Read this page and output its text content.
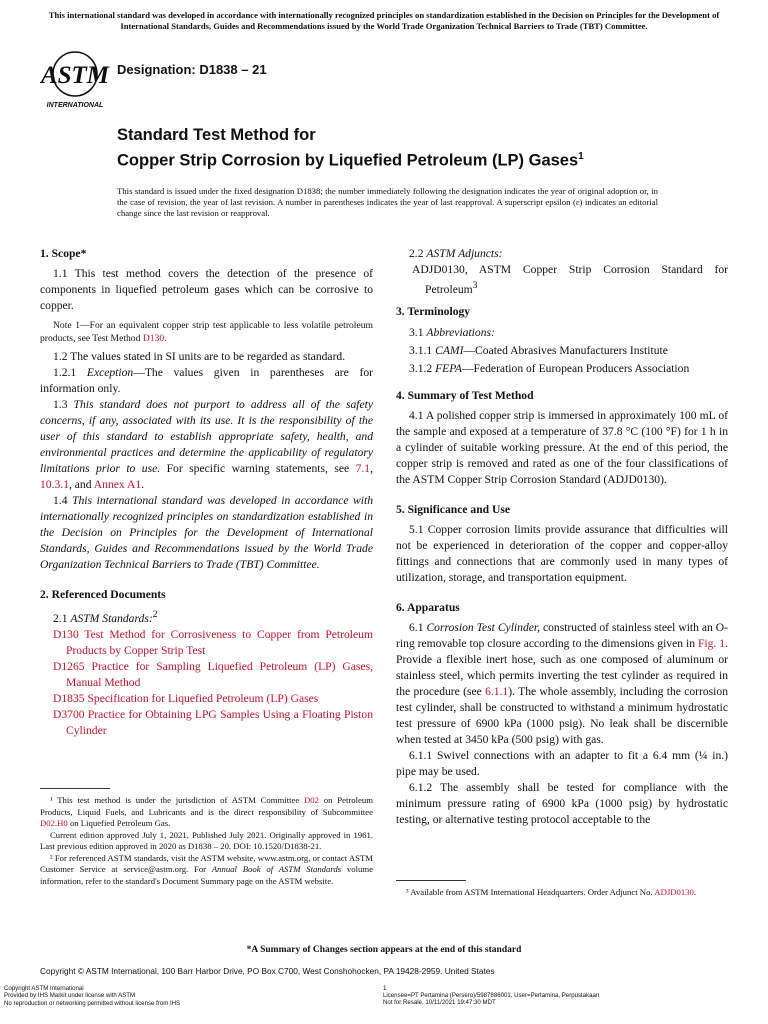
This international standard was developed in accordance with internationally recognized principles on standardization established in the Decision on Principles for the Development of International Standards, Guides and Recommendations issued by the World Trade Organization Technical Barriers to Trade (TBT) Committee.
ASTM
INTERNATIONAL
Designation: D1838 – 21
Standard Test Method for
Copper Strip Corrosion by Liquefied Petroleum (LP) Gases$^1$
This standard is issued under the fixed designation D1838; the number immediately following the designation indicates the year of original adoption or, in the case of revision, the year of last revision. A number in parentheses indicates the year of last reapproval. A superscript epsilon (ε) indicates an editorial change since the last revision or reapproval.

1. Scope*

1.1 This test method covers the detection of the presence of components in liquefied petroleum gases which can be corrosive to copper.

Note 1—For an equivalent copper strip test applicable to less volatile petroleum products, see Test Method D130.

1.2 The values stated in SI units are to be regarded as standard.

1.2.1 Exception—The values given in parentheses are for information only.

1.3 This standard does not purport to address all of the safety concerns, if any, associated with its use. It is the responsibility of the user of this standard to establish appropriate safety, health, and environmental practices and determine the applicability of regulatory limitations prior to use. For specific warning statements, see 7.1, 10.3.1, and Annex A1.

1.4 This international standard was developed in accordance with internationally recognized principles on standardization established in the Decision on Principles for the Development of International Standards, Guides and Recommendations issued by the World Trade Organization Technical Barriers to Trade (TBT) Committee.

2. Referenced Documents

2.1 ASTM Standards:$^2$

D130 Test Method for Corrosiveness to Copper from Petroleum Products by Copper Strip Test

D1265 Practice for Sampling Liquefied Petroleum (LP) Gases, Manual Method

D1835 Specification for Liquefied Petroleum (LP) Gases

D3700 Practice for Obtaining LPG Samples Using a Floating Piston Cylinder

¹ This test method is under the jurisdiction of ASTM Committee D02 on Petroleum Products, Liquid Fuels, and Lubricants and is the direct responsibility of Subcommittee D02.H0 on Liquefied Petroleum Gas.

Current edition approved July 1, 2021. Published July 2021. Originally approved in 1961. Last previous edition approved in 2020 as D1838 – 20. DOI: 10.1520/D1838-21.

² For referenced ASTM standards, visit the ASTM website, www.astm.org, or contact ASTM Customer Service at service@astm.org. For Annual Book of ASTM Standards volume information, refer to the standard's Document Summary page on the ASTM website.

2.2 ASTM Adjuncts:

ADJD0130, ASTM Copper Strip Corrosion Standard for Petroleum$^3$

3. Terminology

3.1 Abbreviations:

3.1.1 CAMI—Coated Abrasives Manufacturers Institute

3.1.2 FEPA—Federation of European Producers Association

4. Summary of Test Method

4.1 A polished copper strip is immersed in approximately 100 mL of the sample and exposed at a temperature of 37.8 °C (100 °F) for 1 h in a cylinder of suitable working pressure. At the end of this period, the copper strip is removed and rated as one of the four classifications of the ASTM Copper Strip Corrosion Standard (ADJD0130).

5. Significance and Use

5.1 Copper corrosion limits provide assurance that difficulties will not be experienced in deterioration of the copper and copper-alloy fittings and connections that are commonly used in many types of utilization, storage, and transportation equipment.

6. Apparatus

6.1 Corrosion Test Cylinder, constructed of stainless steel with an O-ring removable top closure according to the dimensions given in Fig. 1. Provide a flexible inert hose, such as one composed of aluminum or stainless steel, which permits inverting the test cylinder as required in the procedure (see 6.1.1). The whole assembly, including the corrosion test cylinder, shall be constructed to withstand a minimum hydrostatic test pressure of 6900 kPa (1000 psig). No leak shall be discernible when tested at 3450 kPa (500 psig) with gas.

6.1.1 Swivel connections with an adapter to fit a 6.4 mm (¼ in.) pipe may be used.

6.1.2 The assembly shall be tested for compliance with the minimum pressure rating of 6900 kPa (1000 psig) by hydrostatic testing, or alternative testing protocol acceptable to the

³ Available from ASTM International Headquarters. Order Adjunct No. ADJD0130.

*A Summary of Changes section appears at the end of this standard
Copyright © ASTM International, 100 Barr Harbor Drive, PO Box C700, West Conshohocken, PA 19428-2959. United States
Copyright ASTM International
Provided by IHS Markit under license with ASTM
No reproduction or networking permitted without license from IHS
1
Licensee=PT Pertamina (Persero)/5987886001, User=Pertamina, Perpustakaan
Not for Resale, 10/11/2021 19:47:30 MDT
